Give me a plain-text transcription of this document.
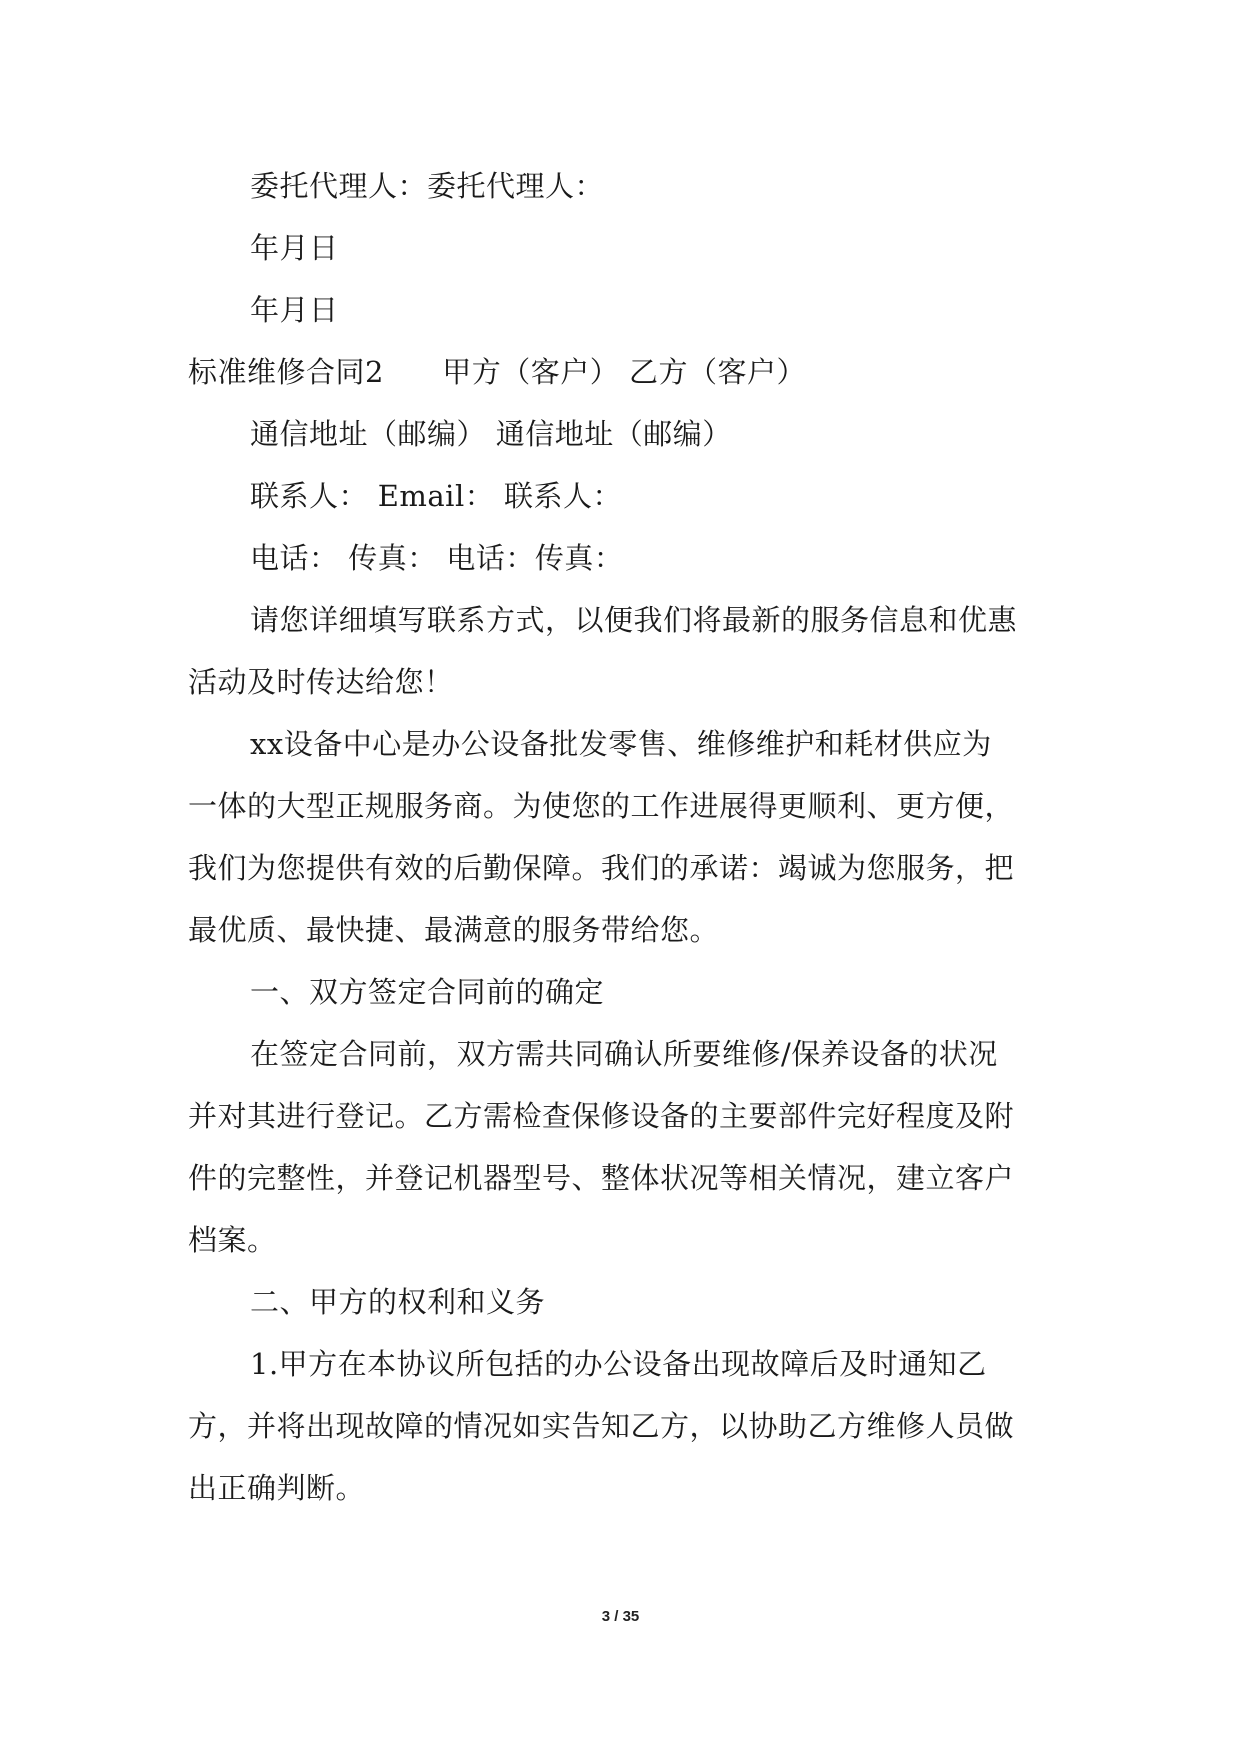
委托代理人：委托代理人：
年月日
年月日
标准维修合同2      甲方（客户） 乙方（客户）
通信地址（邮编） 通信地址（邮编）
联系人： Email： 联系人：
电话： 传真： 电话：传真：
请您详细填写联系方式，以便我们将最新的服务信息和优惠
活动及时传达给您！
xx设备中心是办公设备批发零售、维修维护和耗材供应为
一体的大型正规服务商。为使您的工作进展得更顺利、更方便，
我们为您提供有效的后勤保障。我们的承诺：竭诚为您服务，把
最优质、最快捷、最满意的服务带给您。
一、双方签定合同前的确定
在签定合同前，双方需共同确认所要维修/保养设备的状况
并对其进行登记。乙方需检查保修设备的主要部件完好程度及附
件的完整性，并登记机器型号、整体状况等相关情况，建立客户
档案。
二、甲方的权利和义务
1.甲方在本协议所包括的办公设备出现故障后及时通知乙
方，并将出现故障的情况如实告知乙方，以协助乙方维修人员做
出正确判断。
3 / 35
